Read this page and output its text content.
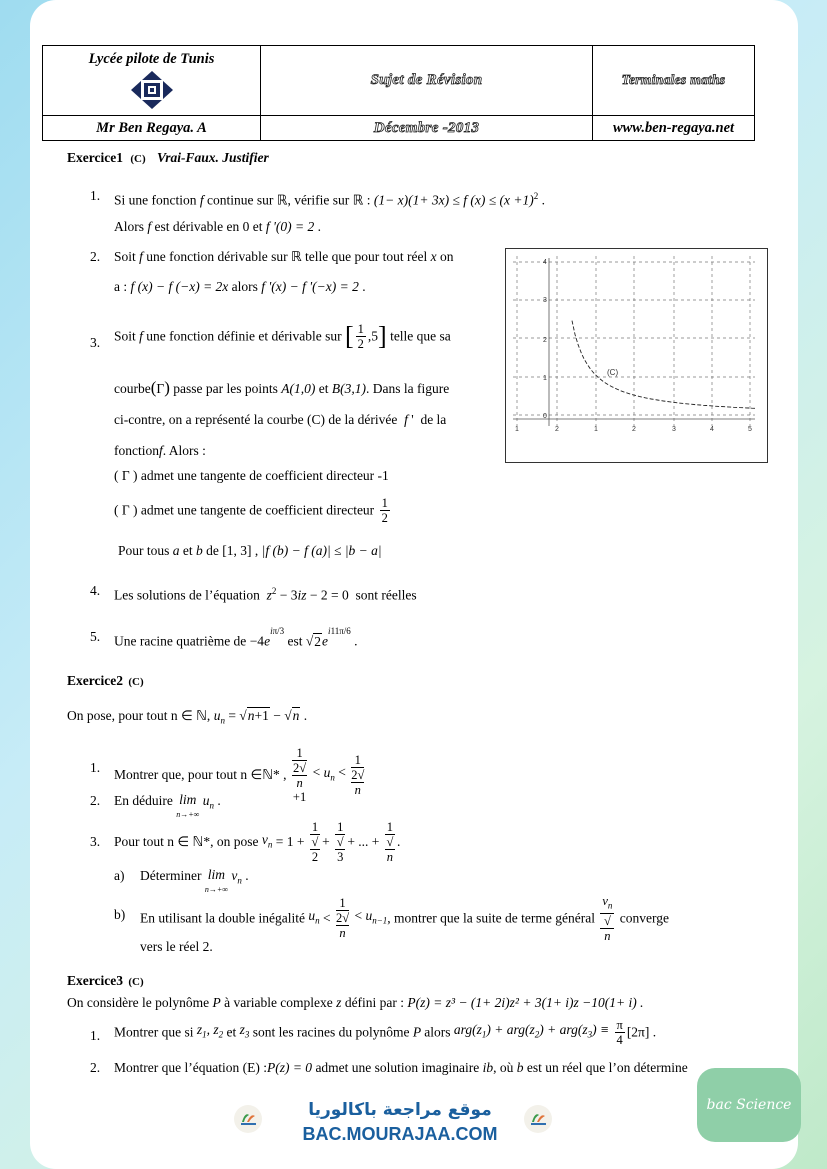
Lycée pilote de Tunis	Sujet de Révision	Terminales maths
Mr Ben Regaya. A	Décembre -2013	www.ben-regaya.net
Exercice1 (C) Vrai-Faux. Justifier
1. Si une fonction f continue sur ℝ, vérifie sur ℝ : (1− x)(1+ 3x) ≤ f $(x) \le (x +1)^2$ .
Alors f est dérivable en 0 et f '(0) = 2 .
2. Soit f une fonction dérivable sur ℝ telle que pour tout réel x on
a : f (x) − f (−x) = 2x alors f '(x) − f '(−x) = 2 .
3. Soit f une fonction définie et dérivable sur [ $\frac{1}{2} ,5$] telle que sa
courbe(Γ) passe par les points A(1,0) et B(3,1). Dans la figure
ci-contre, on a représenté la courbe (C) de la dérivée f '  de la
fonctionf. Alors :
( Γ ) admet une tangente de coefficient directeur -1
( Γ ) admet une tangente de coefficient directeur $\frac{1}{2}$
Pour tous a et b de [1, 3] , |f (b) − f (a)| ≤ |b − a|
4. Les solutions de l’équation $z^2 - 3iz - 2 = 0$  sont réelles
5. Une racine quatrième de $-4e^{i\pi/3}$ est $√2e^{i11\pi/6}$ .
4
3
2
1
0
1	2	1	2	3	4	5
(C)
Exercice2 (C)
On pose, pour tout n ∈ ℕ, $u_n = √n+1 - √n$ .
1. Montrer que, pour tout n ∈ℕ* , 1
2√
n
$+1 < u_n < 1$
2√
n
2. En déduire lim
n→+∞ $u_n$ .
3. Pour tout n ∈ ℕ*, on pose $v_n = 1 + 1$
√
2 + 1
√
3 + ... + 1
√
n .
a) Déterminer lim
n→+∞ $v_n$ .
b) En utilisant la double inégalité $u_n < 1$
2√
$n < u_{n-1}$, montrer que la suite de terme général $v_n$
√
n converge
vers le réel 2.
Exercice3 (C)
On considère le polynôme P à variable complexe z défini par : P(z) = z³ − (1+ 2i)z² + 3(1+ i)z −10(1+ i) .
1. Montrer que si $z_1$, $z_2$ et $z_3$ sont les racines du polynôme P alors $arg(z_1) + arg(z_2) + arg(z_3) \equiv \frac{\pi}{4} [2\pi]$ .
2. Montrer que l’équation (E) :P(z) = 0 admet une solution imaginaire ib, où b est un réel que l’on détermine
موقع مراجعة باكالوريا
BAC.MOURAJAA.COM
bac Science
